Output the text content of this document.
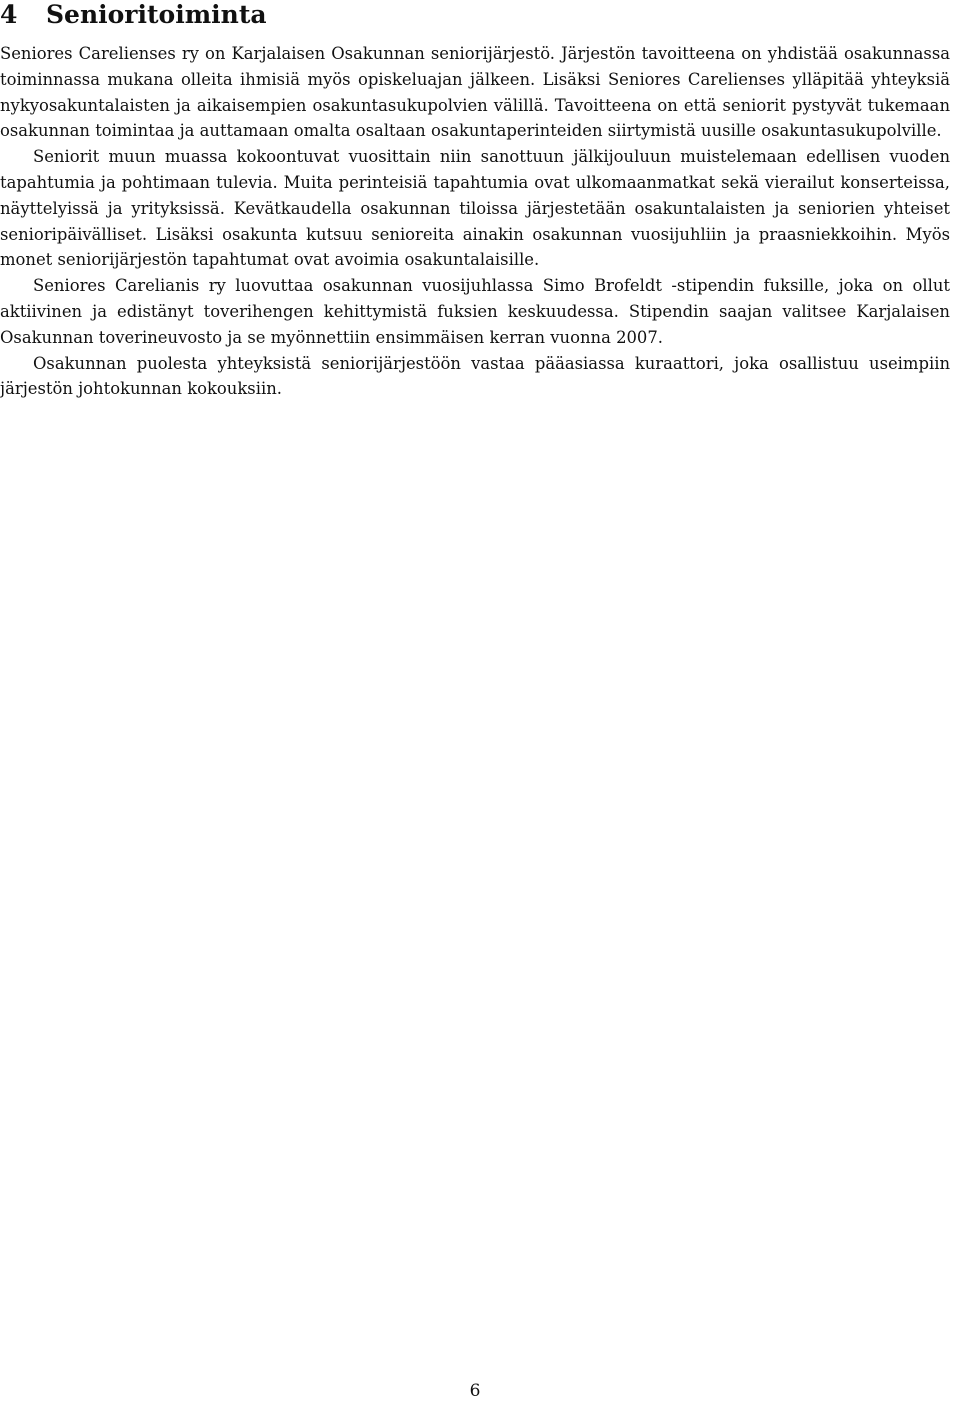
4 Senioritoiminta

Seniores Carelienses ry on Karjalaisen Osakunnan seniorijärjestö. Järjestön tavoitteena on yhdistää osakunnassa toiminnassa mukana olleita ihmisiä myös opiskeluajan jälkeen. Lisäksi Seniores Carelienses ylläpitää yhteyksiä nykyosakuntalaisten ja aikaisempien osakuntasukupolvien välillä. Tavoitteena on että seniorit pystyvät tukemaan osakunnan toimintaa ja auttamaan omalta osaltaan osakuntaperinteiden siirtymistä uusille osakuntasukupolville.

Seniorit muun muassa kokoontuvat vuosittain niin sanottuun jälkijouluun muistelemaan edellisen vuoden tapahtumia ja pohtimaan tulevia. Muita perinteisiä tapahtumia ovat ulkomaanmatkat sekä vierailut konserteissa, näyttelyissä ja yrityksissä. Kevätkaudella osakunnan tiloissa järjestetään osakuntalaisten ja seniorien yhteiset senioripäivälliset. Lisäksi osakunta kutsuu senioreita ainakin osakunnan vuosijuhliin ja praasniekkoihin. Myös monet seniorijärjestön tapahtumat ovat avoimia osakuntalaisille.

Seniores Carelianis ry luovuttaa osakunnan vuosijuhlassa Simo Brofeldt -stipendin fuksille, joka on ollut aktiivinen ja edistänyt toverihengen kehittymistä fuksien keskuudessa. Stipendin saajan valitsee Karjalaisen Osakunnan toverineuvosto ja se myönnettiin ensimmäisen kerran vuonna 2007.

Osakunnan puolesta yhteyksistä seniorijärjestöön vastaa pääasiassa kuraattori, joka osallistuu useimpiin järjestön johtokunnan kokouksiin.

6
